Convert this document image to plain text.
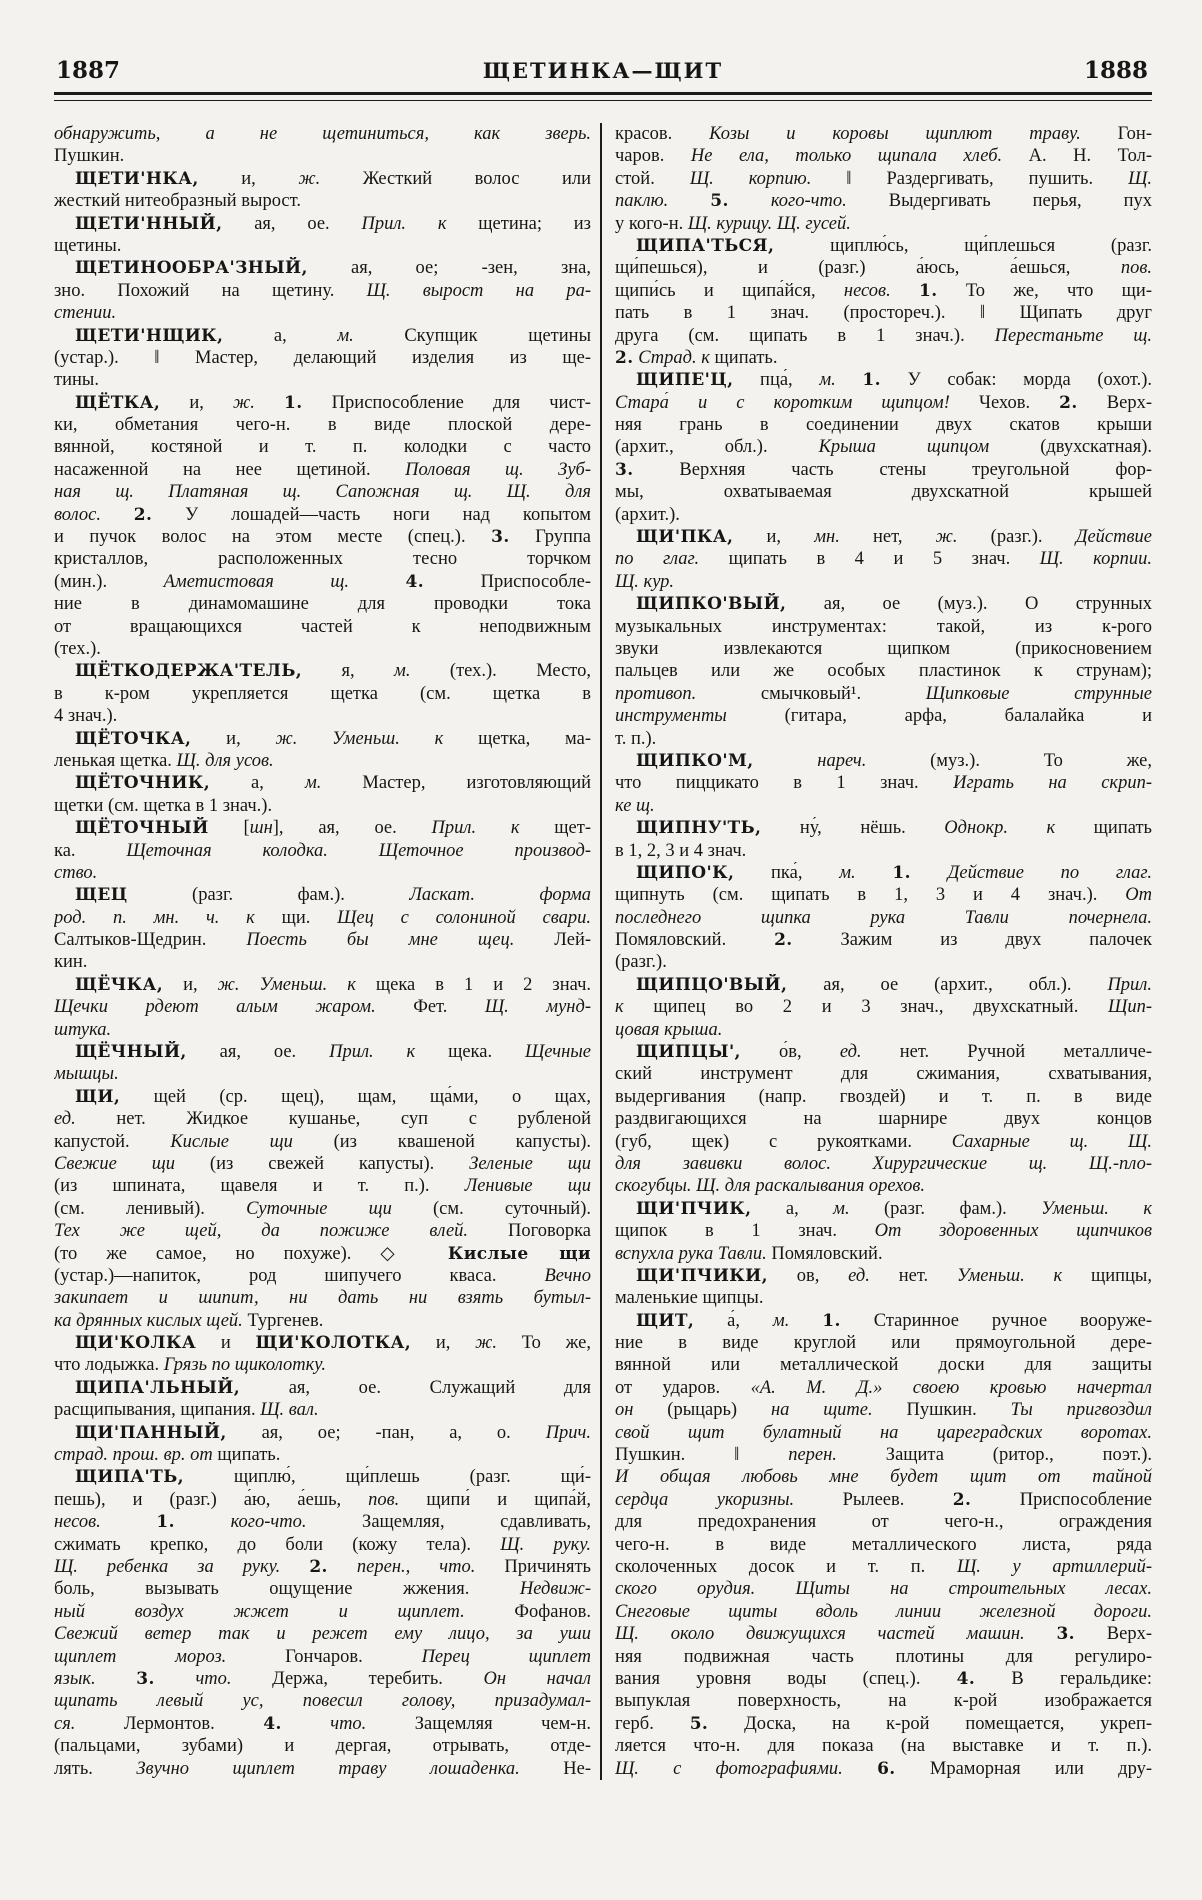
1887	ЩЕТИНКА—ЩИТ	1888
обнаружить, а не щетиниться, как зверь.
Пушкин.
ЩЕТИ'НКА, и, ж. Жесткий волос или
жесткий нитеобразный вырост.
ЩЕТИ'ННЫЙ, ая, ое. Прил. к щетина; из
щетины.
ЩЕТИНООБРА'ЗНЫЙ, ая, ое; -зен, зна,
зно. Похожий на щетину. Щ. вырост на ра-
стении.
ЩЕТИ'НЩИК, а, м. Скупщик щетины
(устар.). ‖ Мастер, делающий изделия из ще-
тины.
ЩЁТКА, и, ж. 1. Приспособление для чист-
ки, обметания чего-н. в виде плоской дере-
вянной, костяной и т. п. колодки с часто
насаженной на нее щетиной. Половая щ. Зуб-
ная щ. Платяная щ. Сапожная щ. Щ. для
волос. 2. У лошадей—часть ноги над копытом
и пучок волос на этом месте (спец.). 3. Группа
кристаллов, расположенных тесно торчком
(мин.). Аметистовая щ. 4. Приспособле-
ние в динамомашине для проводки тока
от вращающихся частей к неподвижным
(тех.).
ЩЁТКОДЕРЖА'ТЕЛЬ, я, м. (тех.). Место,
в к-ром укрепляется щетка (см. щетка в
4 знач.).
ЩЁТОЧКА, и, ж. Уменьш. к щетка, ма-
ленькая щетка. Щ. для усов.
ЩЁТОЧНИК, а, м. Мастер, изготовляющий
щетки (см. щетка в 1 знач.).
ЩЁТОЧНЫЙ [шн], ая, ое. Прил. к щет-
ка. Щеточная колодка. Щеточное производ-
ство.
ЩЕЦ (разг. фам.). Ласкат. форма
род. п. мн. ч. к щи. Щец с солониной свари.
Салтыков-Щедрин. Поесть бы мне щец. Лей-
кин.
ЩЁЧКА, и, ж. Уменьш. к щека в 1 и 2 знач.
Щечки рдеют алым жаром. Фет. Щ. мунд-
штука.
ЩЁЧНЫЙ, ая, ое. Прил. к щека. Щечные
мышцы.
ЩИ, щей (ср. щец), щам, ща́ми, о щах,
ед. нет. Жидкое кушанье, суп с рубленой
капустой. Кислые щи (из квашеной капусты).
Свежие щи (из свежей капусты). Зеленые щи
(из шпината, щавеля и т. п.). Ленивые щи
(см. ленивый). Суточные щи (см. суточный).
Тех же щей, да пожиже влей. Поговорка
(то же самое, но похуже). ◇ Кислые щи
(устар.)—напиток, род шипучего кваса. Вечно
закипает и шипит, ни дать ни взять бутыл-
ка дрянных кислых щей. Тургенев.
ЩИ'КОЛКА и ЩИ'КОЛОТКА, и, ж. То же,
что лодыжка. Грязь по щиколотку.
ЩИПА'ЛЬНЫЙ, ая, ое. Служащий для
расщипывания, щипания. Щ. вал.
ЩИ'ПАННЫЙ, ая, ое; -пан, а, о. Прич.
страд. прош. вр. от щипать.
ЩИПА'ТЬ, щиплю́, щи́плешь (разг. щи́-
пешь), и (разг.) а́ю, а́ешь, пов. щипи́ и щипа́й,
несов. 1.	кого-что. Защемляя, сдавливать,
сжимать крепко, до боли (кожу тела). Щ. руку.
Щ. ребенка за руку. 2. перен., что. Причинять
боль, вызывать ощущение жжения. Недвиж-
ный воздух жжет и щиплет. Фофанов.
Свежий ветер так и режет ему лицо, за уши
щиплет мороз. Гончаров. Перец щиплет
язык. 3. что. Держа, теребить. Он начал
щипать левый ус, повесил голову, призадумал-
ся. Лермонтов. 4.	что. Защемляя чем-н.
(пальцами, зубами) и дергая, отрывать, отде-
лять. Звучно щиплет траву лошаденка. Не-
красов. Козы и коровы щиплют траву. Гон-
чаров. Не ела, только щипала хлеб. А. Н. Тол-
стой. Щ. корпию. ‖ Раздергивать, пушить. Щ.
паклю. 5. кого-что. Выдергивать перья, пух
у кого-н. Щ. курицу. Щ. гусей.
ЩИПА'ТЬСЯ, щиплю́сь, щи́плешься (разг.
щи́пешься), и (разг.) а́юсь, а́ешься, пов.
щипи́сь и щипа́йся, несов. 1. То же, что щи-
пать в 1 знач. (простореч.). ‖ Щипать друг
друга (см. щипать в 1 знач.). Перестаньте щ.
2. Страд. к щипать.
ЩИПЕ'Ц, пца́, м. 1. У собак: морда (охот.).
Стара́ и с коротким щипцом! Чехов. 2. Верх-
няя грань в соединении двух скатов крыши
(архит., обл.). Крыша щипцом (двухскатная).
3. Верхняя часть стены треугольной фор-
мы, охватываемая двухскатной крышей
(архит.).
ЩИ'ПКА, и, мн. нет, ж. (разг.). Действие
по глаг. щипать в 4 и 5 знач. Щ. корпии.
Щ. кур.
ЩИПКО'ВЫЙ, ая, ое (муз.). О струнных
музыкальных инструментах: такой, из к-рого
звуки извлекаются щипком (прикосновением
пальцев или же особых пластинок к струнам);
противоп. смычковый¹. Щипковые струнные
инструменты (гитара, арфа, балалайка и
т. п.).
ЩИПКО'М,	нареч. (муз.). То же,
что пиццикато в 1 знач. Играть на скрип-
ке щ.
ЩИПНУ'ТЬ, ну́, нёшь. Однокр. к щипать
в 1, 2, 3 и 4 знач.
ЩИПО'К, пка́, м. 1. Действие по глаг.
щипнуть (см. щипать в 1, 3 и 4 знач.). От
последнего щипка рука Тавли почернела.
Помяловский. 2. Зажим из двух палочек
(разг.).
ЩИПЦО'ВЫЙ, ая, ое (архит., обл.). Прил.
к щипец во 2 и 3 знач., двухскатный. Щип-
цовая крыша.
ЩИПЦЫ', о́в, ед. нет. Ручной металличе-
ский инструмент для сжимания, схватывания,
выдергивания (напр. гвоздей) и т. п. в виде
раздвигающихся на шарнире двух концов
(губ, щек) с рукоятками. Сахарные щ. Щ.
для завивки волос. Хирургические щ. Щ.-пло-
скогубцы. Щ. для раскалывания орехов.
ЩИ'ПЧИК, а, м. (разг. фам.). Уменьш. к
щипок в 1 знач. От здоровенных щипчиков
вспухла рука Тавли. Помяловский.
ЩИ'ПЧИКИ, ов, ед. нет. Уменьш. к щипцы,
маленькие щипцы.
ЩИТ, а́, м. 1. Старинное ручное вооруже-
ние в виде круглой или прямоугольной дере-
вянной или металлической доски для защиты
от ударов. «А. М. Д.» своею кровью начертал
он (рыцарь) на щите. Пушкин. Ты пригвоздил
свой щит булатный на цареградских воротах.
Пушкин. ‖ перен. Защита (ритор., поэт.).
И общая любовь мне будет щит от тайной
сердца укоризны. Рылеев. 2. Приспособление
для предохранения от чего-н., ограждения
чего-н. в виде металлического листа, ряда
сколоченных досок и т. п. Щ. у артиллерий-
ского орудия. Щиты на строительных лесах.
Снеговые щиты вдоль линии железной дороги.
Щ. около движущихся частей машин. 3. Верх-
няя подвижная часть плотины для регулиро-
вания уровня воды (спец.). 4. В геральдике:
выпуклая поверхность, на к-рой изображается
герб. 5. Доска, на к-рой помещается, укреп-
ляется что-н. для показа (на выставке и т. п.).
Щ. с фотографиями. 6. Мраморная или дру-
